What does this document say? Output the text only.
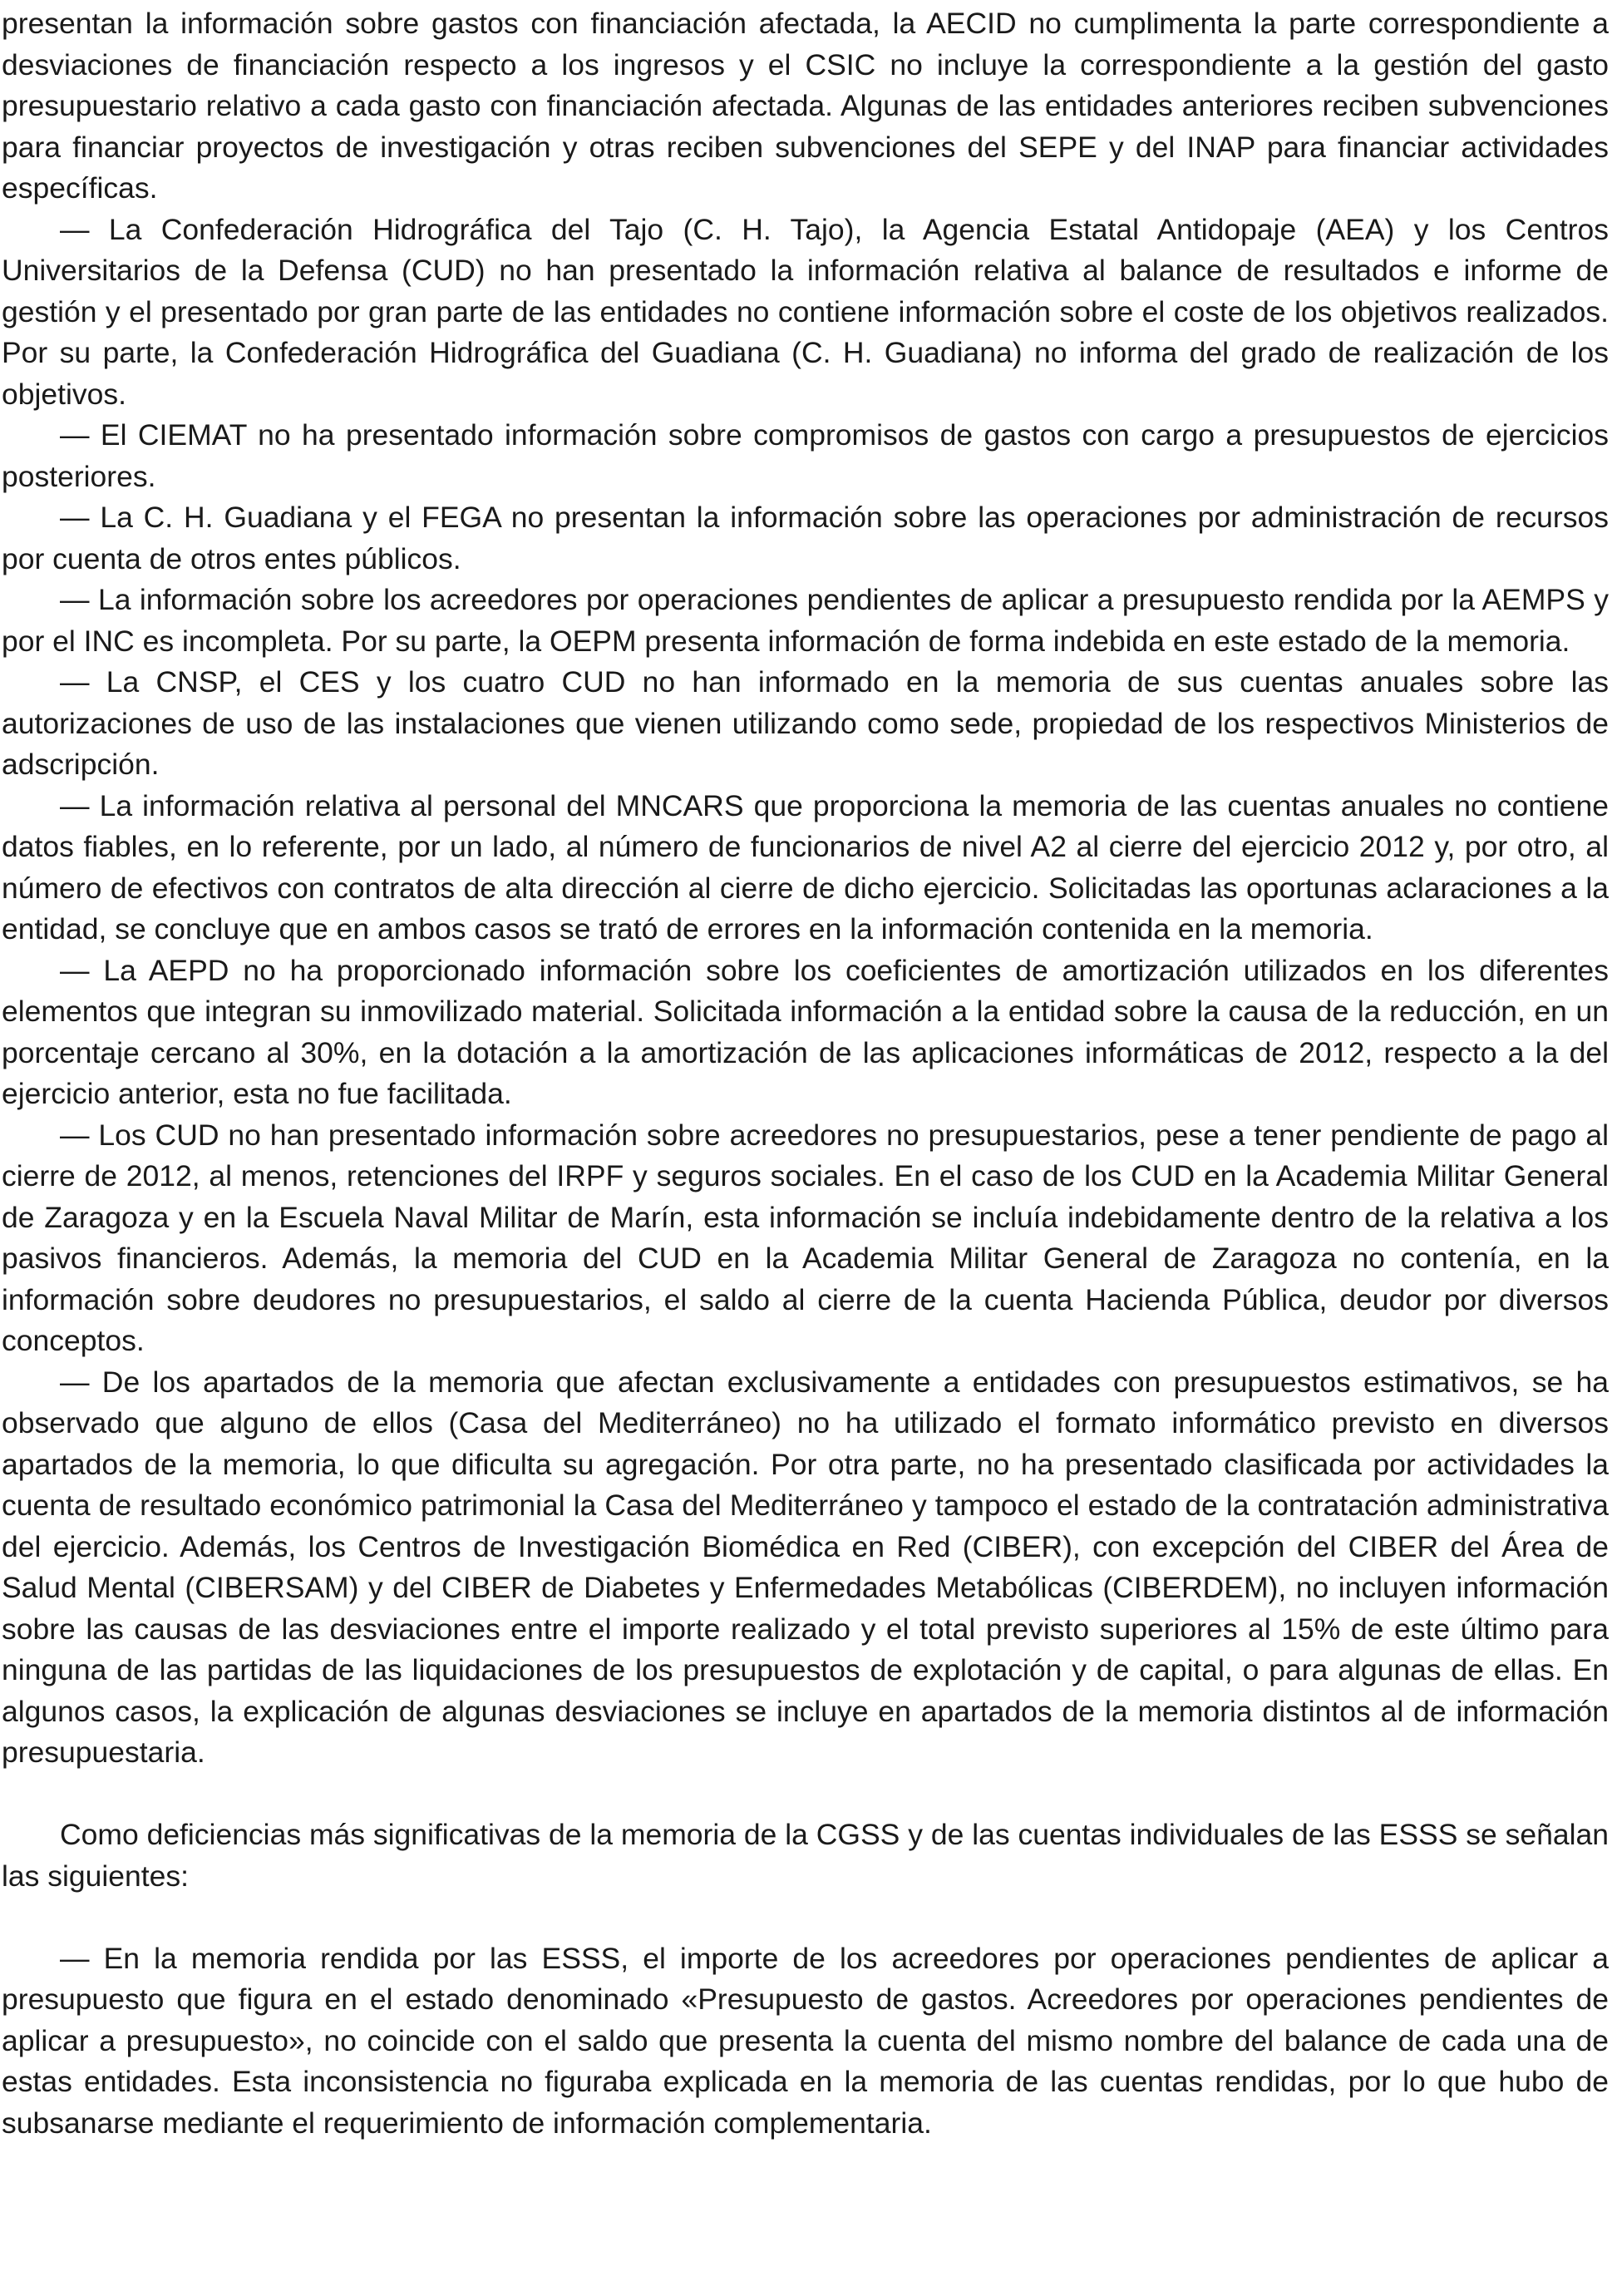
presentan la información sobre gastos con financiación afectada, la AECID no cumplimenta la parte correspondiente a desviaciones de financiación respecto a los ingresos y el CSIC no incluye la correspondiente a la gestión del gasto presupuestario relativo a cada gasto con financiación afectada. Algunas de las entidades anteriores reciben subvenciones para financiar proyectos de investigación y otras reciben subvenciones del SEPE y del INAP para financiar actividades específicas.

— La Confederación Hidrográfica del Tajo (C. H. Tajo), la Agencia Estatal Antidopaje (AEA) y los Centros Universitarios de la Defensa (CUD) no han presentado la información relativa al balance de resultados e informe de gestión y el presentado por gran parte de las entidades no contiene información sobre el coste de los objetivos realizados. Por su parte, la Confederación Hidrográfica del Guadiana (C. H. Guadiana) no informa del grado de realización de los objetivos.

— El CIEMAT no ha presentado información sobre compromisos de gastos con cargo a presupuestos de ejercicios posteriores.

— La C. H. Guadiana y el FEGA no presentan la información sobre las operaciones por administración de recursos por cuenta de otros entes públicos.

— La información sobre los acreedores por operaciones pendientes de aplicar a presupuesto rendida por la AEMPS y por el INC es incompleta. Por su parte, la OEPM presenta información de forma indebida en este estado de la memoria.

— La CNSP, el CES y los cuatro CUD no han informado en la memoria de sus cuentas anuales sobre las autorizaciones de uso de las instalaciones que vienen utilizando como sede, propiedad de los respectivos Ministerios de adscripción.

— La información relativa al personal del MNCARS que proporciona la memoria de las cuentas anuales no contiene datos fiables, en lo referente, por un lado, al número de funcionarios de nivel A2 al cierre del ejercicio 2012 y, por otro, al número de efectivos con contratos de alta dirección al cierre de dicho ejercicio. Solicitadas las oportunas aclaraciones a la entidad, se concluye que en ambos casos se trató de errores en la información contenida en la memoria.

— La AEPD no ha proporcionado información sobre los coeficientes de amortización utilizados en los diferentes elementos que integran su inmovilizado material. Solicitada información a la entidad sobre la causa de la reducción, en un porcentaje cercano al 30%, en la dotación a la amortización de las aplicaciones informáticas de 2012, respecto a la del ejercicio anterior, esta no fue facilitada.

— Los CUD no han presentado información sobre acreedores no presupuestarios, pese a tener pendiente de pago al cierre de 2012, al menos, retenciones del IRPF y seguros sociales. En el caso de los CUD en la Academia Militar General de Zaragoza y en la Escuela Naval Militar de Marín, esta información se incluía indebidamente dentro de la relativa a los pasivos financieros. Además, la memoria del CUD en la Academia Militar General de Zaragoza no contenía, en la información sobre deudores no presupuestarios, el saldo al cierre de la cuenta Hacienda Pública, deudor por diversos conceptos.

— De los apartados de la memoria que afectan exclusivamente a entidades con presupuestos estimativos, se ha observado que alguno de ellos (Casa del Mediterráneo) no ha utilizado el formato informático previsto en diversos apartados de la memoria, lo que dificulta su agregación. Por otra parte, no ha presentado clasificada por actividades la cuenta de resultado económico patrimonial la Casa del Mediterráneo y tampoco el estado de la contratación administrativa del ejercicio. Además, los Centros de Investigación Biomédica en Red (CIBER), con excepción del CIBER del Área de Salud Mental (CIBERSAM) y del CIBER de Diabetes y Enfermedades Metabólicas (CIBERDEM), no incluyen información sobre las causas de las desviaciones entre el importe realizado y el total previsto superiores al 15% de este último para ninguna de las partidas de las liquidaciones de los presupuestos de explotación y de capital, o para algunas de ellas. En algunos casos, la explicación de algunas desviaciones se incluye en apartados de la memoria distintos al de información presupuestaria.

Como deficiencias más significativas de la memoria de la CGSS y de las cuentas individuales de las ESSS se señalan las siguientes:

— En la memoria rendida por las ESSS, el importe de los acreedores por operaciones pendientes de aplicar a presupuesto que figura en el estado denominado «Presupuesto de gastos. Acreedores por operaciones pendientes de aplicar a presupuesto», no coincide con el saldo que presenta la cuenta del mismo nombre del balance de cada una de estas entidades. Esta inconsistencia no figuraba explicada en la memoria de las cuentas rendidas, por lo que hubo de subsanarse mediante el requerimiento de información complementaria.
